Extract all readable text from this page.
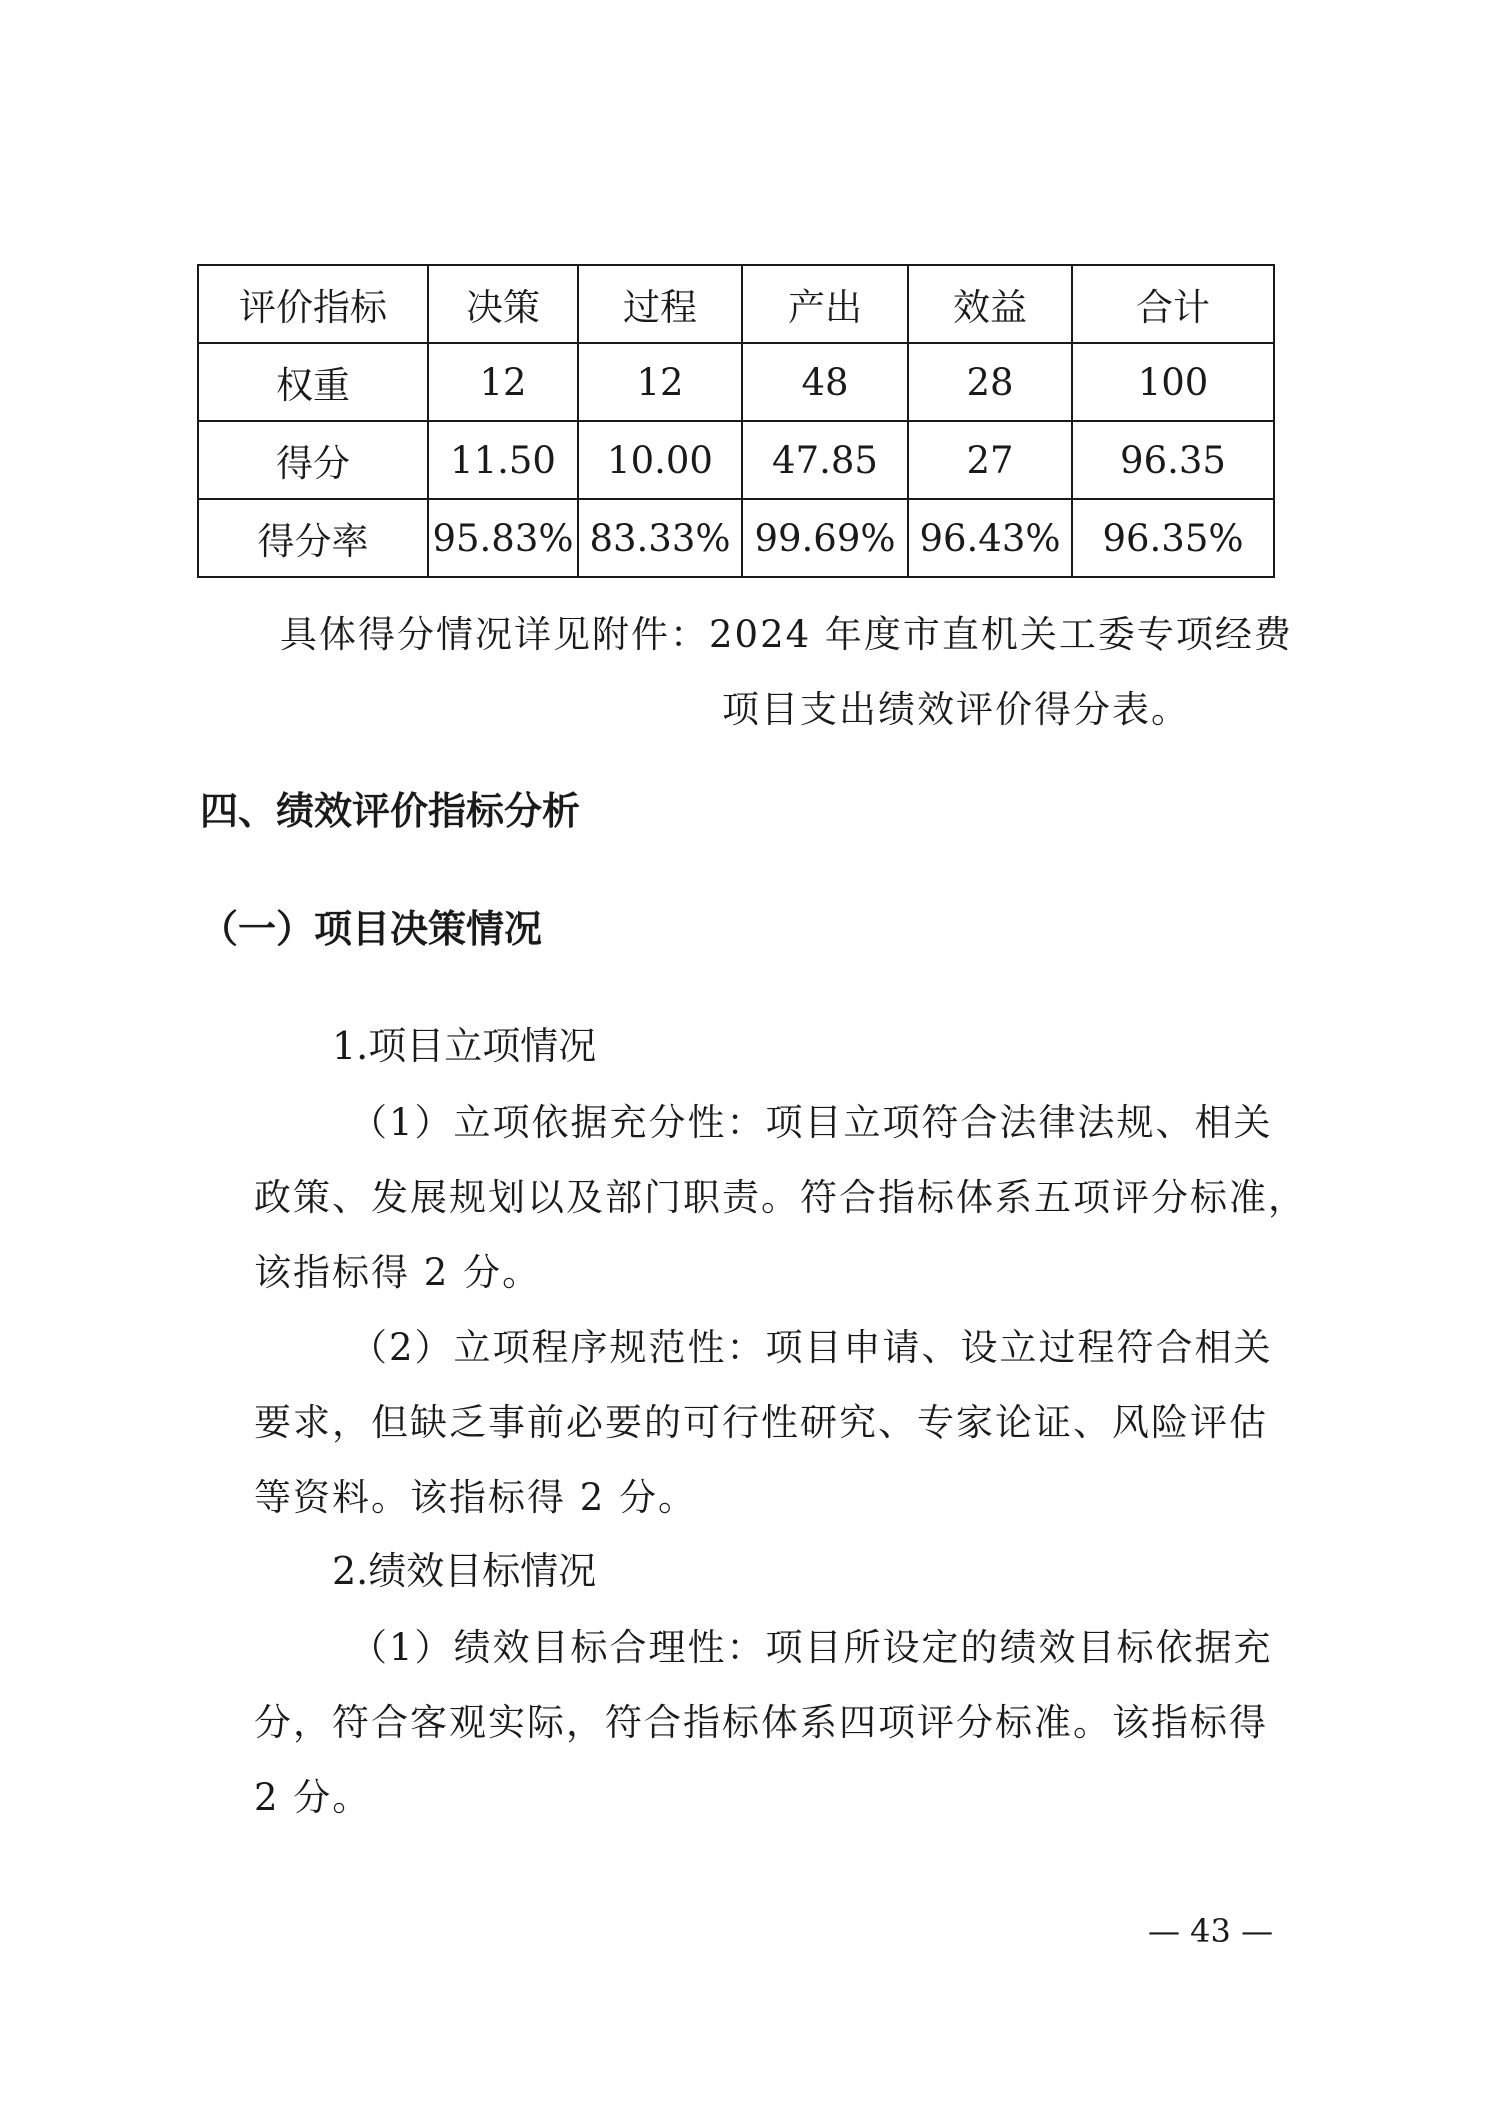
评价指标	决策	过程	产出	效益	合计
权重	12	12	48	28	100
得分	11.50	10.00	47.85	27	96.35
得分率	95.83%	83.33%	99.69%	96.43%	96.35%
具体得分情况详见附件：2024 年度市直机关工委专项经费
项目支出绩效评价得分表。
四、绩效评价指标分析
（一）项目决策情况
1.项目立项情况
（1）立项依据充分性：项目立项符合法律法规、相关
政策、发展规划以及部门职责。符合指标体系五项评分标准，
该指标得 2 分。
（2）立项程序规范性：项目申请、设立过程符合相关
要求，但缺乏事前必要的可行性研究、专家论证、风险评估
等资料。该指标得 2 分。
2.绩效目标情况
（1）绩效目标合理性：项目所设定的绩效目标依据充
分，符合客观实际，符合指标体系四项评分标准。该指标得
2 分。
— 43 —
